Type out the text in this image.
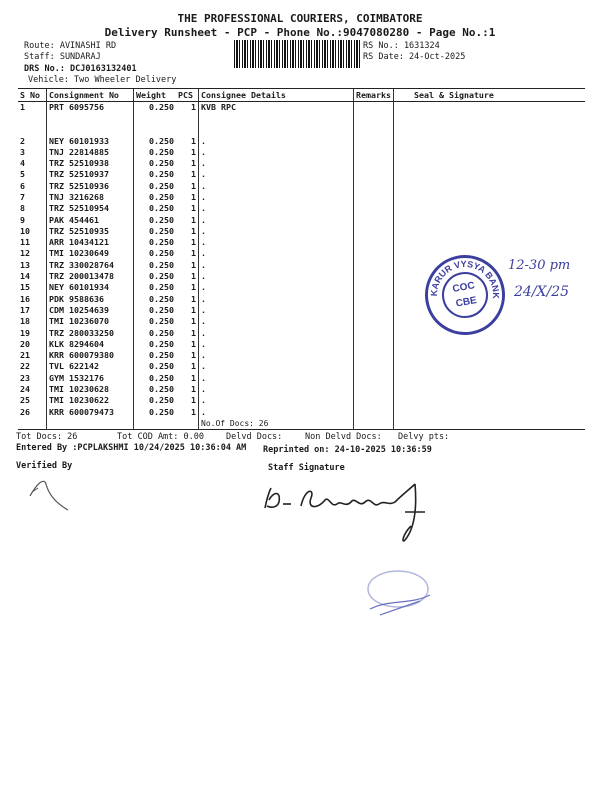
THE PROFESSIONAL COURIERS, COIMBATORE
Delivery Runsheet - PCP - Phone No.:9047080280 - Page No.:1
Route: AVINASHI RD
Staff: SUNDARAJ
DRS No.: DCJ0163132401
Vehicle: Two Wheeler Delivery
RS No.: 1631324
RS Date: 24-Oct-2025
S No	Consignment No	Weight	PCS	Consignee Details	Remarks	Seal & Signature
1	PRT 6095756	0.250	1	KVB RPC		
2	NEY 60101933	0.250	1	.		
3	TNJ 22814885	0.250	1	.		
4	TRZ 52510938	0.250	1	.		
5	TRZ 52510937	0.250	1	.		
6	TRZ 52510936	0.250	1	.		
7	TNJ 3216268	0.250	1	.		
8	TRZ 52510954	0.250	1	.		
9	PAK 454461	0.250	1	.		
10	TRZ 52510935	0.250	1	.		
11	ARR 10434121	0.250	1	.		
12	TMI 10230649	0.250	1	.		
13	TRZ 330028764	0.250	1	.		
14	TRZ 200013478	0.250	1	.		
15	NEY 60101934	0.250	1	.		
16	PDK 9588636	0.250	1	.		
17	CDM 10254639	0.250	1	.		
18	TMI 10236070	0.250	1	.		
19	TRZ 280033250	0.250	1	.		
20	KLK 8294604	0.250	1	.		
21	KRR 600079380	0.250	1	.		
22	TVL 622142	0.250	1	.		
23	GYM 1532176	0.250	1	.		
24	TMI 10230628	0.250	1	.		
25	TMI 10230622	0.250	1	.		
26	KRR 600079473	0.250	1	.		
				No.Of Docs: 26		
Tot Docs: 26	Tot COD Amt: 0.00	Delvd Docs:	Non Delvd Docs: Delvy pts:
Entered By :PCPLAKSHMI 10/24/2025 10:36:04 AM Reprinted on: 24-10-2025 10:36:59
Verified By	Staff Signature
KARUR VYSYA BANK
COC
CBE
12-30 pm
24/X/25
